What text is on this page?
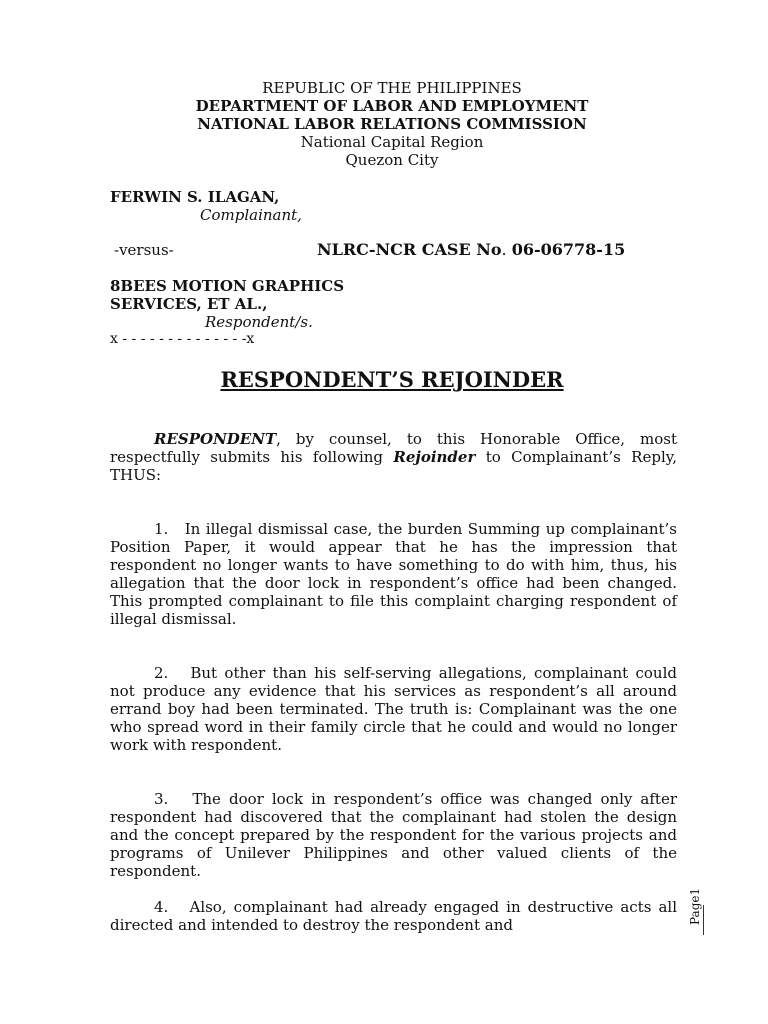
REPUBLIC OF THE PHILIPPINES
DEPARTMENT OF LABOR AND EMPLOYMENT
NATIONAL LABOR RELATIONS COMMISSION
National Capital Region
Quezon City
FERWIN S. ILAGAN,
Complainant,
-versus-	NLRC-NCR CASE No. 06-06778-15
8BEES MOTION GRAPHICS
SERVICES, ET AL.,
Respondent/s.
x - - - - - - - - - - - - - -x
RESPONDENT’S REJOINDER

RESPONDENT, by counsel, to this Honorable Office, most respectfully submits his following Rejoinder to Complainant’s Reply, THUS:

1.   In illegal dismissal case, the burden Summing up complainant’s Position Paper, it would appear that he has the impression that respondent no longer wants to have something to do with him, thus, his allegation that the door lock in respondent’s office had been changed. This prompted complainant to file this complaint charging respondent of illegal dismissal.

2.   But other than his self-serving allegations, complainant could not produce any evidence that his services as respondent’s all around errand boy had been terminated. The truth is: Complainant was the one who spread word in their family circle that he could and would no longer work with respondent.

3.   The door lock in respondent’s office was changed only after respondent had discovered that the complainant had stolen the design and the concept prepared by the respondent for the various projects and programs of Unilever Philippines and other valued clients of the respondent.

4.   Also, complainant had already engaged in destructive acts all directed and intended to destroy the respondent and	Page1
